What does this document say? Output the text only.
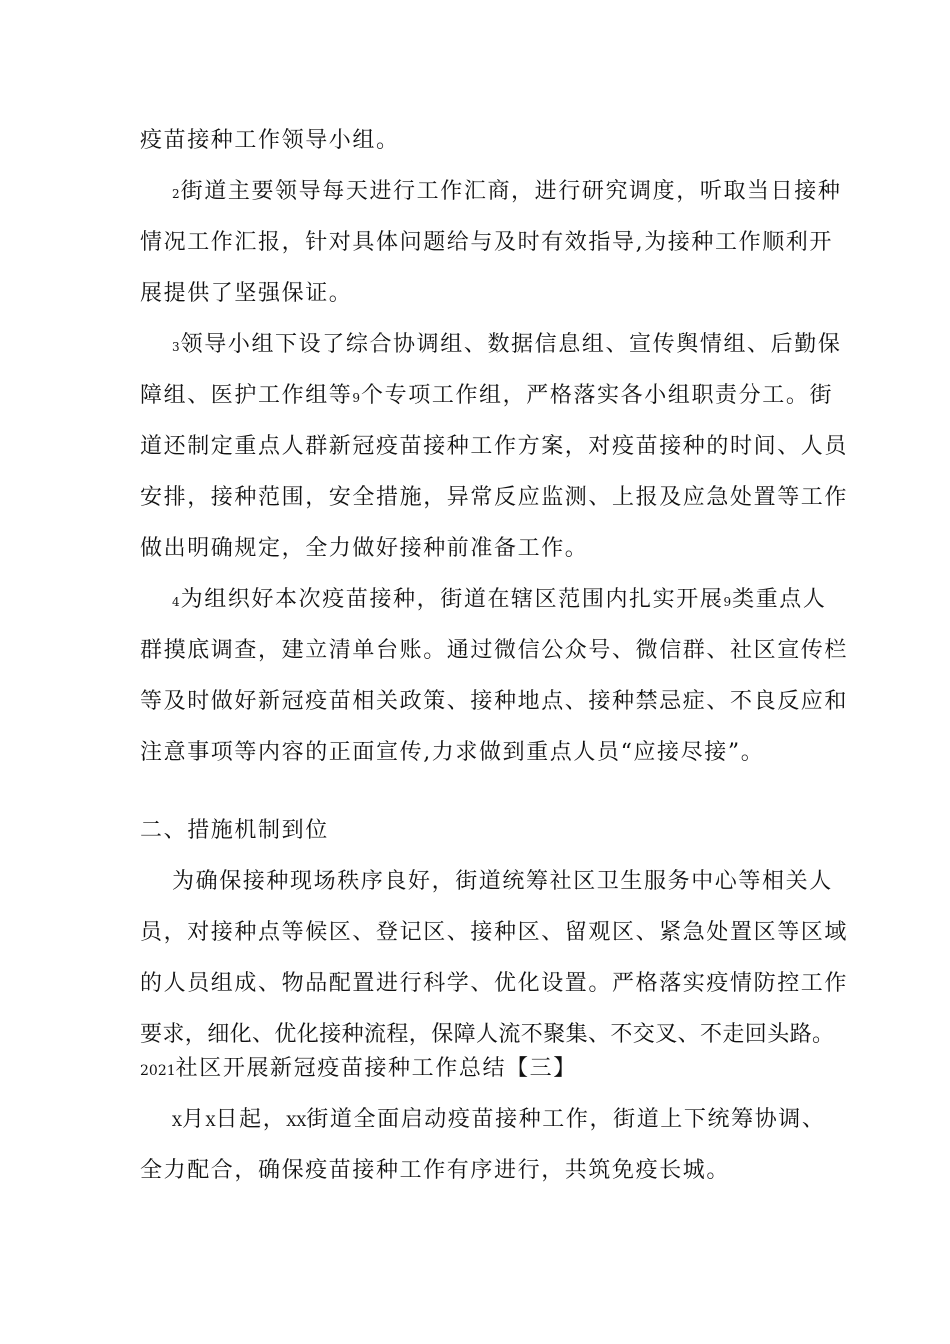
疫苗接种工作领导小组。
2街道主要领导每天进行工作汇商，进行研究调度，听取当日接种
情况工作汇报，针对具体问题给与及时有效指导,为接种工作顺利开
展提供了坚强保证。
3领导小组下设了综合协调组、数据信息组、宣传舆情组、后勤保
障组、医护工作组等9个专项工作组，严格落实各小组职责分工。街
道还制定重点人群新冠疫苗接种工作方案，对疫苗接种的时间、人员
安排，接种范围，安全措施，异常反应监测、上报及应急处置等工作
做出明确规定，全力做好接种前准备工作。
4为组织好本次疫苗接种，街道在辖区范围内扎实开展9类重点人
群摸底调查，建立清单台账。通过微信公众号、微信群、社区宣传栏
等及时做好新冠疫苗相关政策、接种地点、接种禁忌症、不良反应和
注意事项等内容的正面宣传,力求做到重点人员“应接尽接”。
二、措施机制到位
为确保接种现场秩序良好，街道统筹社区卫生服务中心等相关人
员，对接种点等候区、登记区、接种区、留观区、紧急处置区等区域
的人员组成、物品配置进行科学、优化设置。严格落实疫情防控工作
要求，细化、优化接种流程，保障人流不聚集、不交叉、不走回头路。
2021社区开展新冠疫苗接种工作总结【三】
X月X日起，XX街道全面启动疫苗接种工作，街道上下统筹协调、
全力配合，确保疫苗接种工作有序进行，共筑免疫长城。
